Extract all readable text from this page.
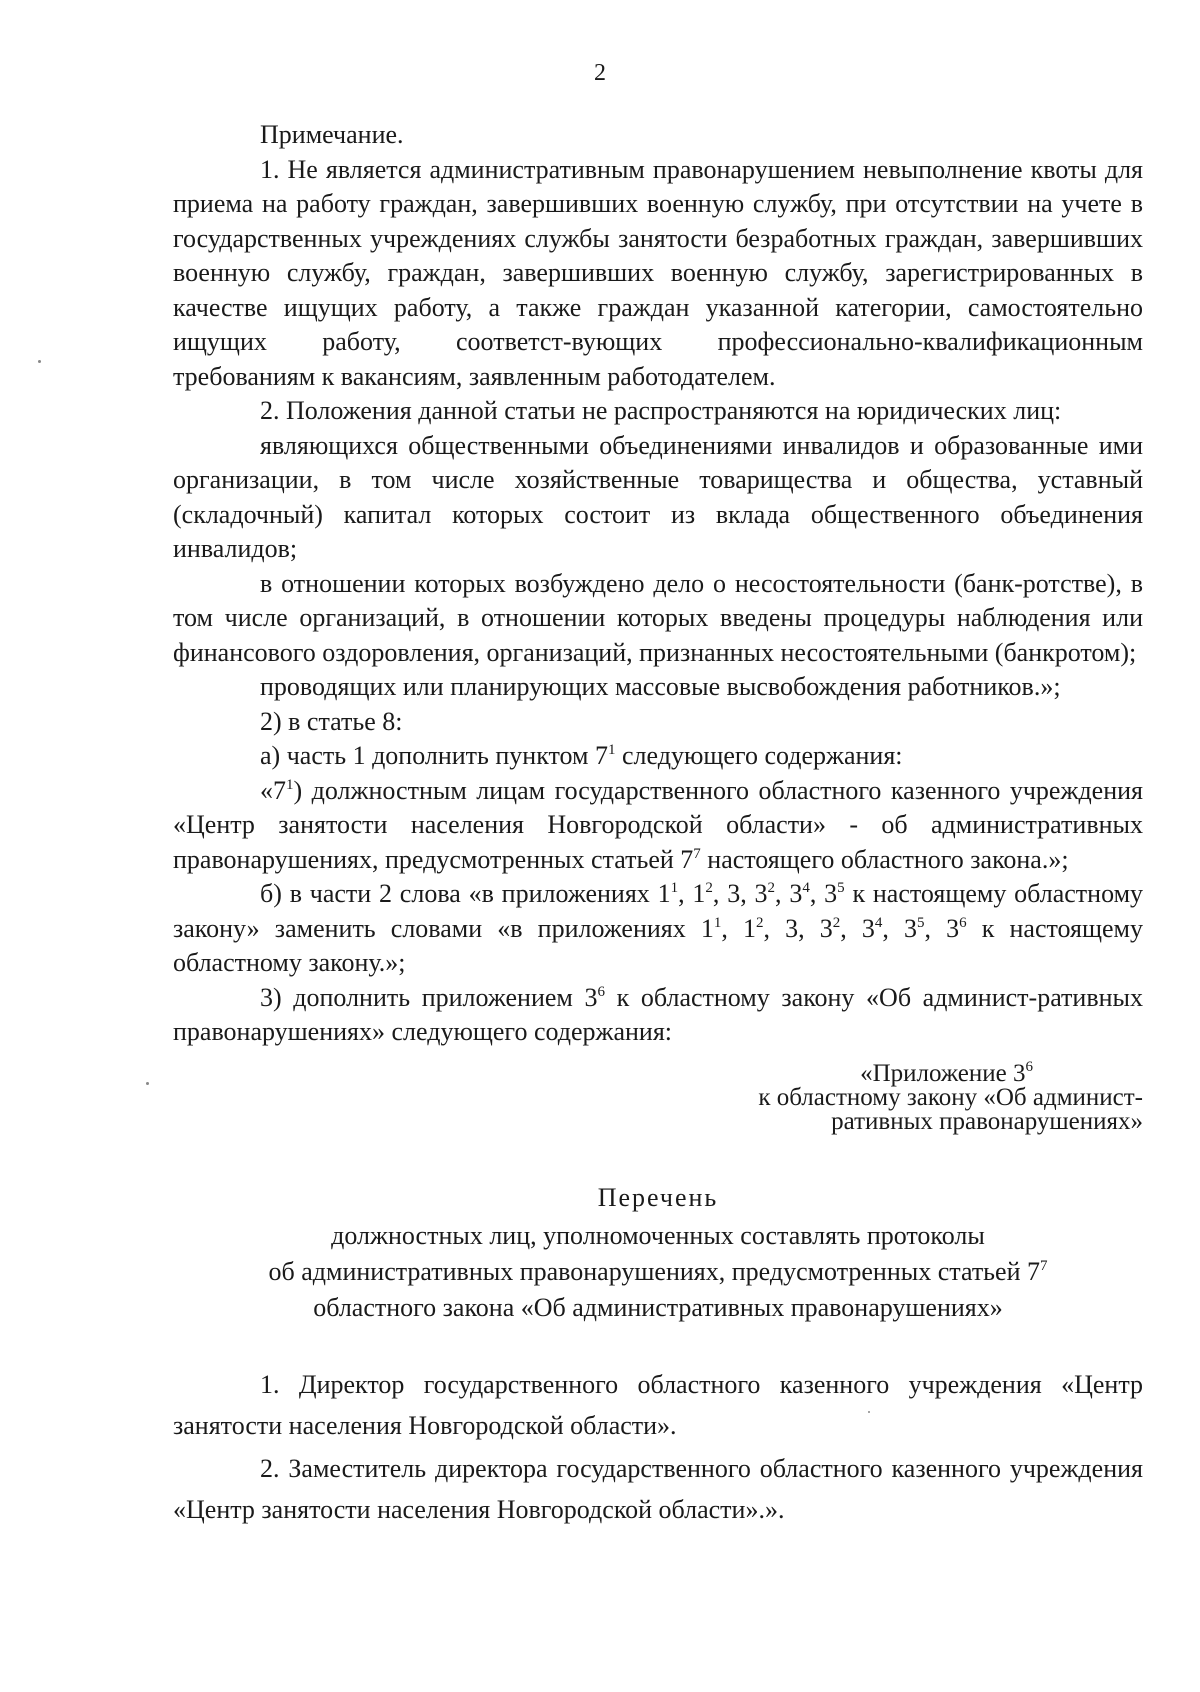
2

Примечание.

1. Не является административным правонарушением невыполнение квоты для приема на работу граждан, завершивших военную службу, при отсутствии на учете в государственных учреждениях службы занятости безработных граждан, завершивших военную службу, граждан, завершивших военную службу, зарегистрированных в качестве ищущих работу, а также граждан указанной категории, самостоятельно ищущих работу, соответст-вующих профессионально-квалификационным требованиям к вакансиям, заявленным работодателем.

2. Положения данной статьи не распространяются на юридических лиц:

являющихся общественными объединениями инвалидов и образованные ими организации, в том числе хозяйственные товарищества и общества, уставный (складочный) капитал которых состоит из вклада общественного объединения инвалидов;

в отношении которых возбуждено дело о несостоятельности (банк-ротстве), в том числе организаций, в отношении которых введены процедуры наблюдения или финансового оздоровления, организаций, признанных несостоятельными (банкротом);

проводящих или планирующих массовые высвобождения работников.»;

2) в статье 8:

а) часть 1 дополнить пунктом $7^1$ следующего содержания:

«$7^1$) должностным лицам государственного областного казенного учреждения «Центр занятости населения Новгородской области» - об административных правонарушениях, предусмотренных статьей $7^7$ настоящего областного закона.»;

б) в части 2 слова «в приложениях $1^1$, $1^2$, 3, $3^2$, $3^4$, $3^5$ к настоящему областному закону» заменить словами «в приложениях $1^1$, $1^2$, 3, $3^2$, $3^4$, $3^5$, $3^6$ к настоящему областному закону.»;

3) дополнить приложением $3^6$ к областному закону «Об админист-ративных правонарушениях» следующего содержания:

«Приложение $3^6$
к областному закону «Об админист-
ративных правонарушениях»
Перечень
должностных лиц, уполномоченных составлять протоколы
об административных правонарушениях, предусмотренных статьей $7^7$
областного закона «Об административных правонарушениях»

1. Директор государственного областного казенного учреждения «Центр занятости населения Новгородской области».

2. Заместитель директора государственного областного казенного учреждения «Центр занятости населения Новгородской области».».
